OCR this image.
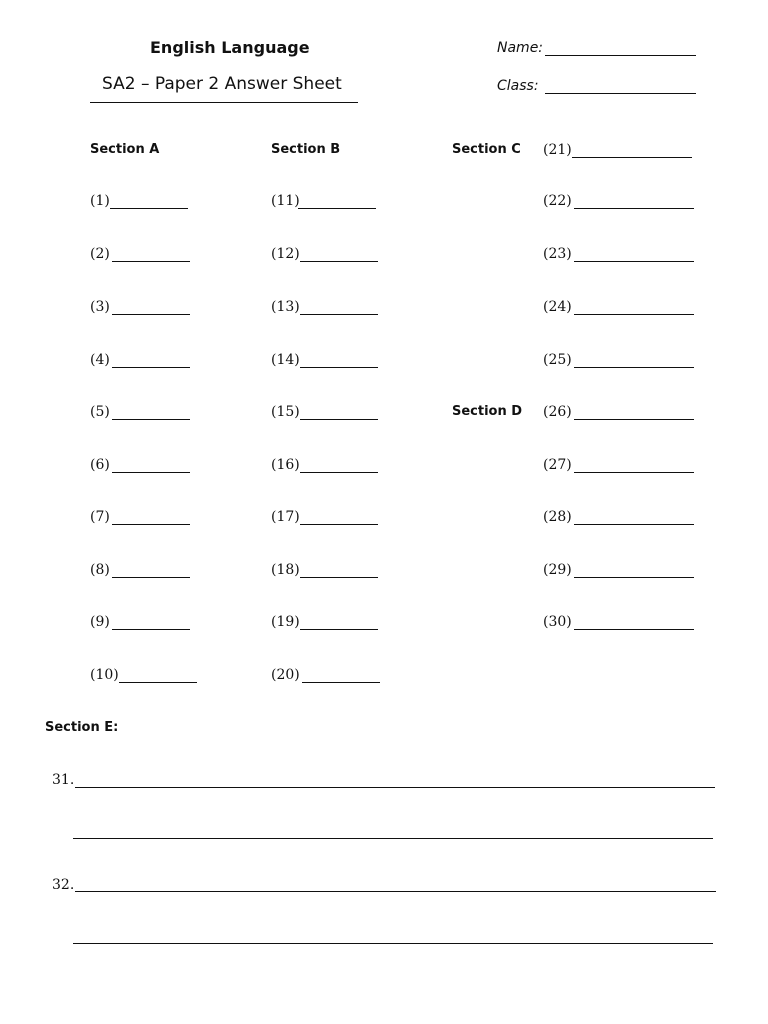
English Language
SA2 – Paper 2 Answer Sheet
Name:
Class:
Section A	Section B	Section C
Section D
Section E:
(1)
(2)
(3)
(4)
(5)
(6)
(7)
(8)
(9)
(10)
(11)
(12)
(13)
(14)
(15)
(16)
(17)
(18)
(19)
(20)
(21)
(22)
(23)
(24)
(25)
(26)
(27)
(28)
(29)
(30)
31.
32.
